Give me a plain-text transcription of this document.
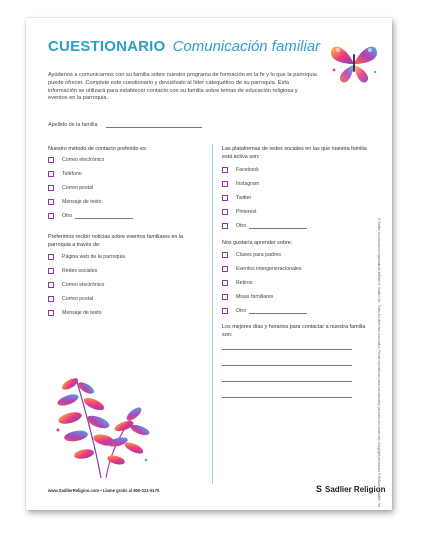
CUESTIONARIO Comunicación familiar
Ayúdenos a comunicarnos con su familia sobre nuestro programa de formación en la fe y lo que la parroquia puede ofrecer. Complete este cuestionario y devuélvalo al líder catequético de su parroquia. Esta información se utilizará para establecer contacto con su familia sobre temas de educación religiosa y eventos en la parroquia.
Apellido de la familia
Nuestro método de contacto preferido es:
Correo electrónico
Teléfono
Correo postal
Mensaje de texto
Otro
Preferimos recibir noticias sobre eventos familiares en la parroquia a través de:
Página web de la parroquia
Redes sociales
Correo electrónico
Correo postal
Mensaje de texto
Las plataformas de redes sociales en las que nuestra familia está activa son:
Facebook
Instagram
Twitter
Pinterest
Otro
Nos gustaría aprender sobre:
Clases para padres
Eventos intergeneracionales
Retiros
Misas familiares
Otro
Los mejores días y horarios para contactar a nuestra familia son:
www.SadlierReligion.com • Llame gratis al 800-221-5175	S Sadlier Religion
® Sadlier es una marca registrada de William H. Sadlier, Inc. Todos los derechos reservados. Puede reproducirse para uso educativo (no para uso comercial). Copyright permission ® William H. Sadlier, Inc.
